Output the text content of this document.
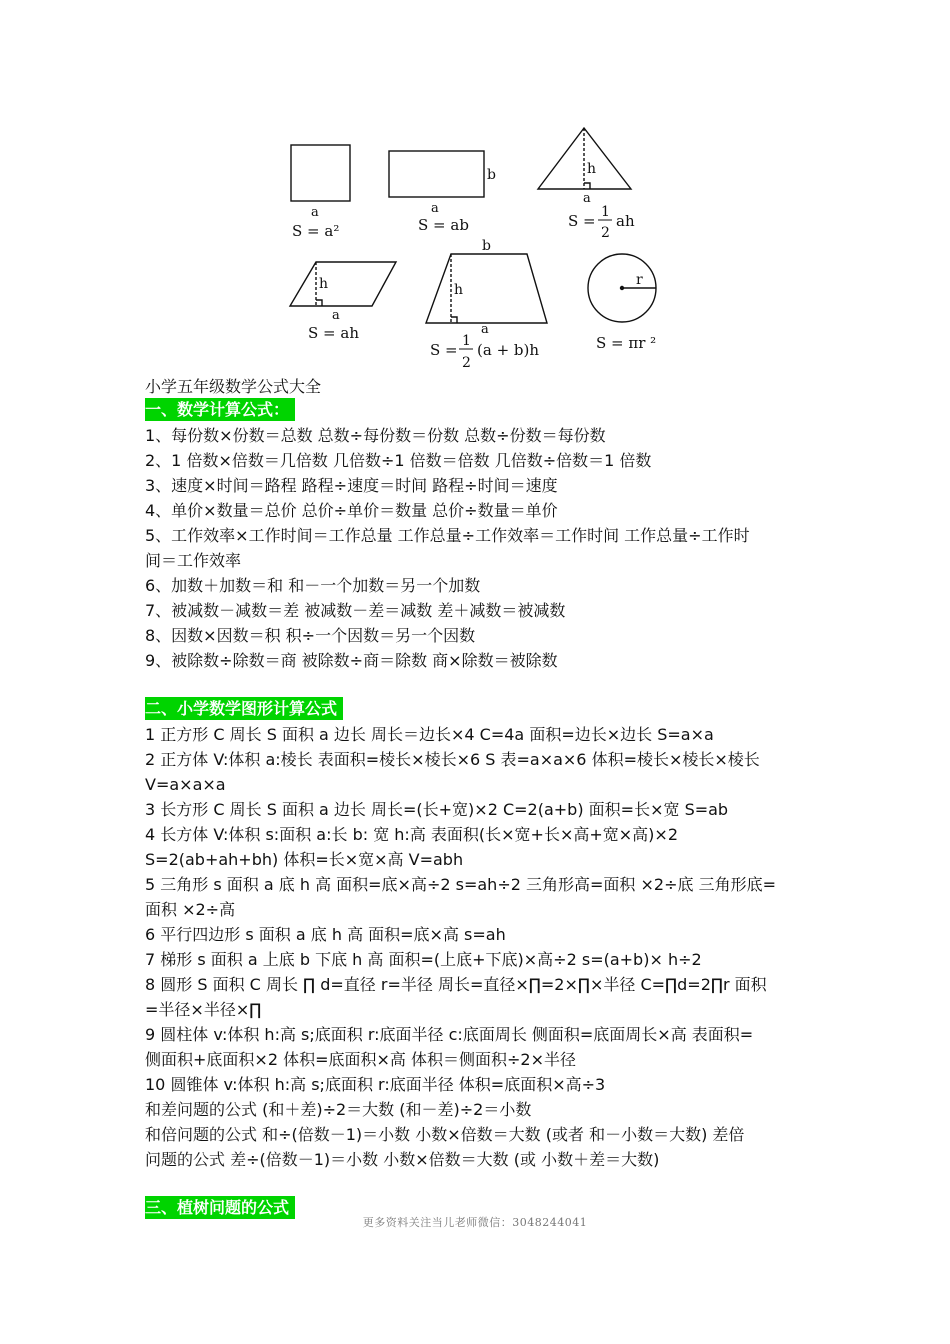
a
S = a²
b
a
S = ab
h
a
S = 1
2
ah
h
a
S = ah
b
h
a
S = 1
2
(a + b)h
r
S = πr ²
小学五年级数学公式大全
一、数学计算公式：

1、每份数×份数＝总数 总数÷每份数＝份数 总数÷份数＝每份数

2、1 倍数×倍数＝几倍数 几倍数÷1 倍数＝倍数 几倍数÷倍数＝1 倍数

3、速度×时间＝路程 路程÷速度＝时间 路程÷时间＝速度

4、单价×数量＝总价 总价÷单价＝数量 总价÷数量＝单价

5、工作效率×工作时间＝工作总量 工作总量÷工作效率＝工作时间 工作总量÷工作时

间＝工作效率

6、加数＋加数＝和 和－一个加数＝另一个加数

7、被减数－减数＝差 被减数－差＝减数 差＋减数＝被减数

8、因数×因数＝积 积÷一个因数＝另一个因数

9、被除数÷除数＝商 被除数÷商＝除数 商×除数＝被除数

二、小学数学图形计算公式

1 正方形 C 周长 S 面积 a 边长 周长＝边长×4 C=4a 面积=边长×边长 S=a×a

2 正方体 V:体积 a:棱长 表面积=棱长×棱长×6 S 表=a×a×6 体积=棱长×棱长×棱长

V=a×a×a

3 长方形 C 周长 S 面积 a 边长 周长=(长+宽)×2 C=2(a+b) 面积=长×宽 S=ab

4 长方体 V:体积 s:面积 a:长 b: 宽 h:高 表面积(长×宽+长×高+宽×高)×2

S=2(ab+ah+bh) 体积=长×宽×高 V=abh

5 三角形 s 面积 a 底 h 高 面积=底×高÷2 s=ah÷2 三角形高=面积 ×2÷底 三角形底=

面积 ×2÷高

6 平行四边形 s 面积 a 底 h 高 面积=底×高 s=ah

7 梯形 s 面积 a 上底 b 下底 h 高 面积=(上底+下底)×高÷2 s=(a+b)× h÷2

8 圆形 S 面积 C 周长 ∏ d=直径 r=半径 周长=直径×∏=2×∏×半径 C=∏d=2∏r 面积

=半径×半径×∏

9 圆柱体 v:体积 h:高 s;底面积 r:底面半径 c:底面周长 侧面积=底面周长×高 表面积=

侧面积+底面积×2 体积=底面积×高 体积＝侧面积÷2×半径

10 圆锥体 v:体积 h:高 s;底面积 r:底面半径 体积=底面积×高÷3

和差问题的公式 (和＋差)÷2＝大数 (和－差)÷2＝小数

和倍问题的公式 和÷(倍数－1)＝小数 小数×倍数＝大数 (或者 和－小数＝大数) 差倍

问题的公式 差÷(倍数－1)＝小数 小数×倍数＝大数 (或 小数＋差＝大数)

三、植树问题的公式
更多资料关注当儿老师微信：3048244041
